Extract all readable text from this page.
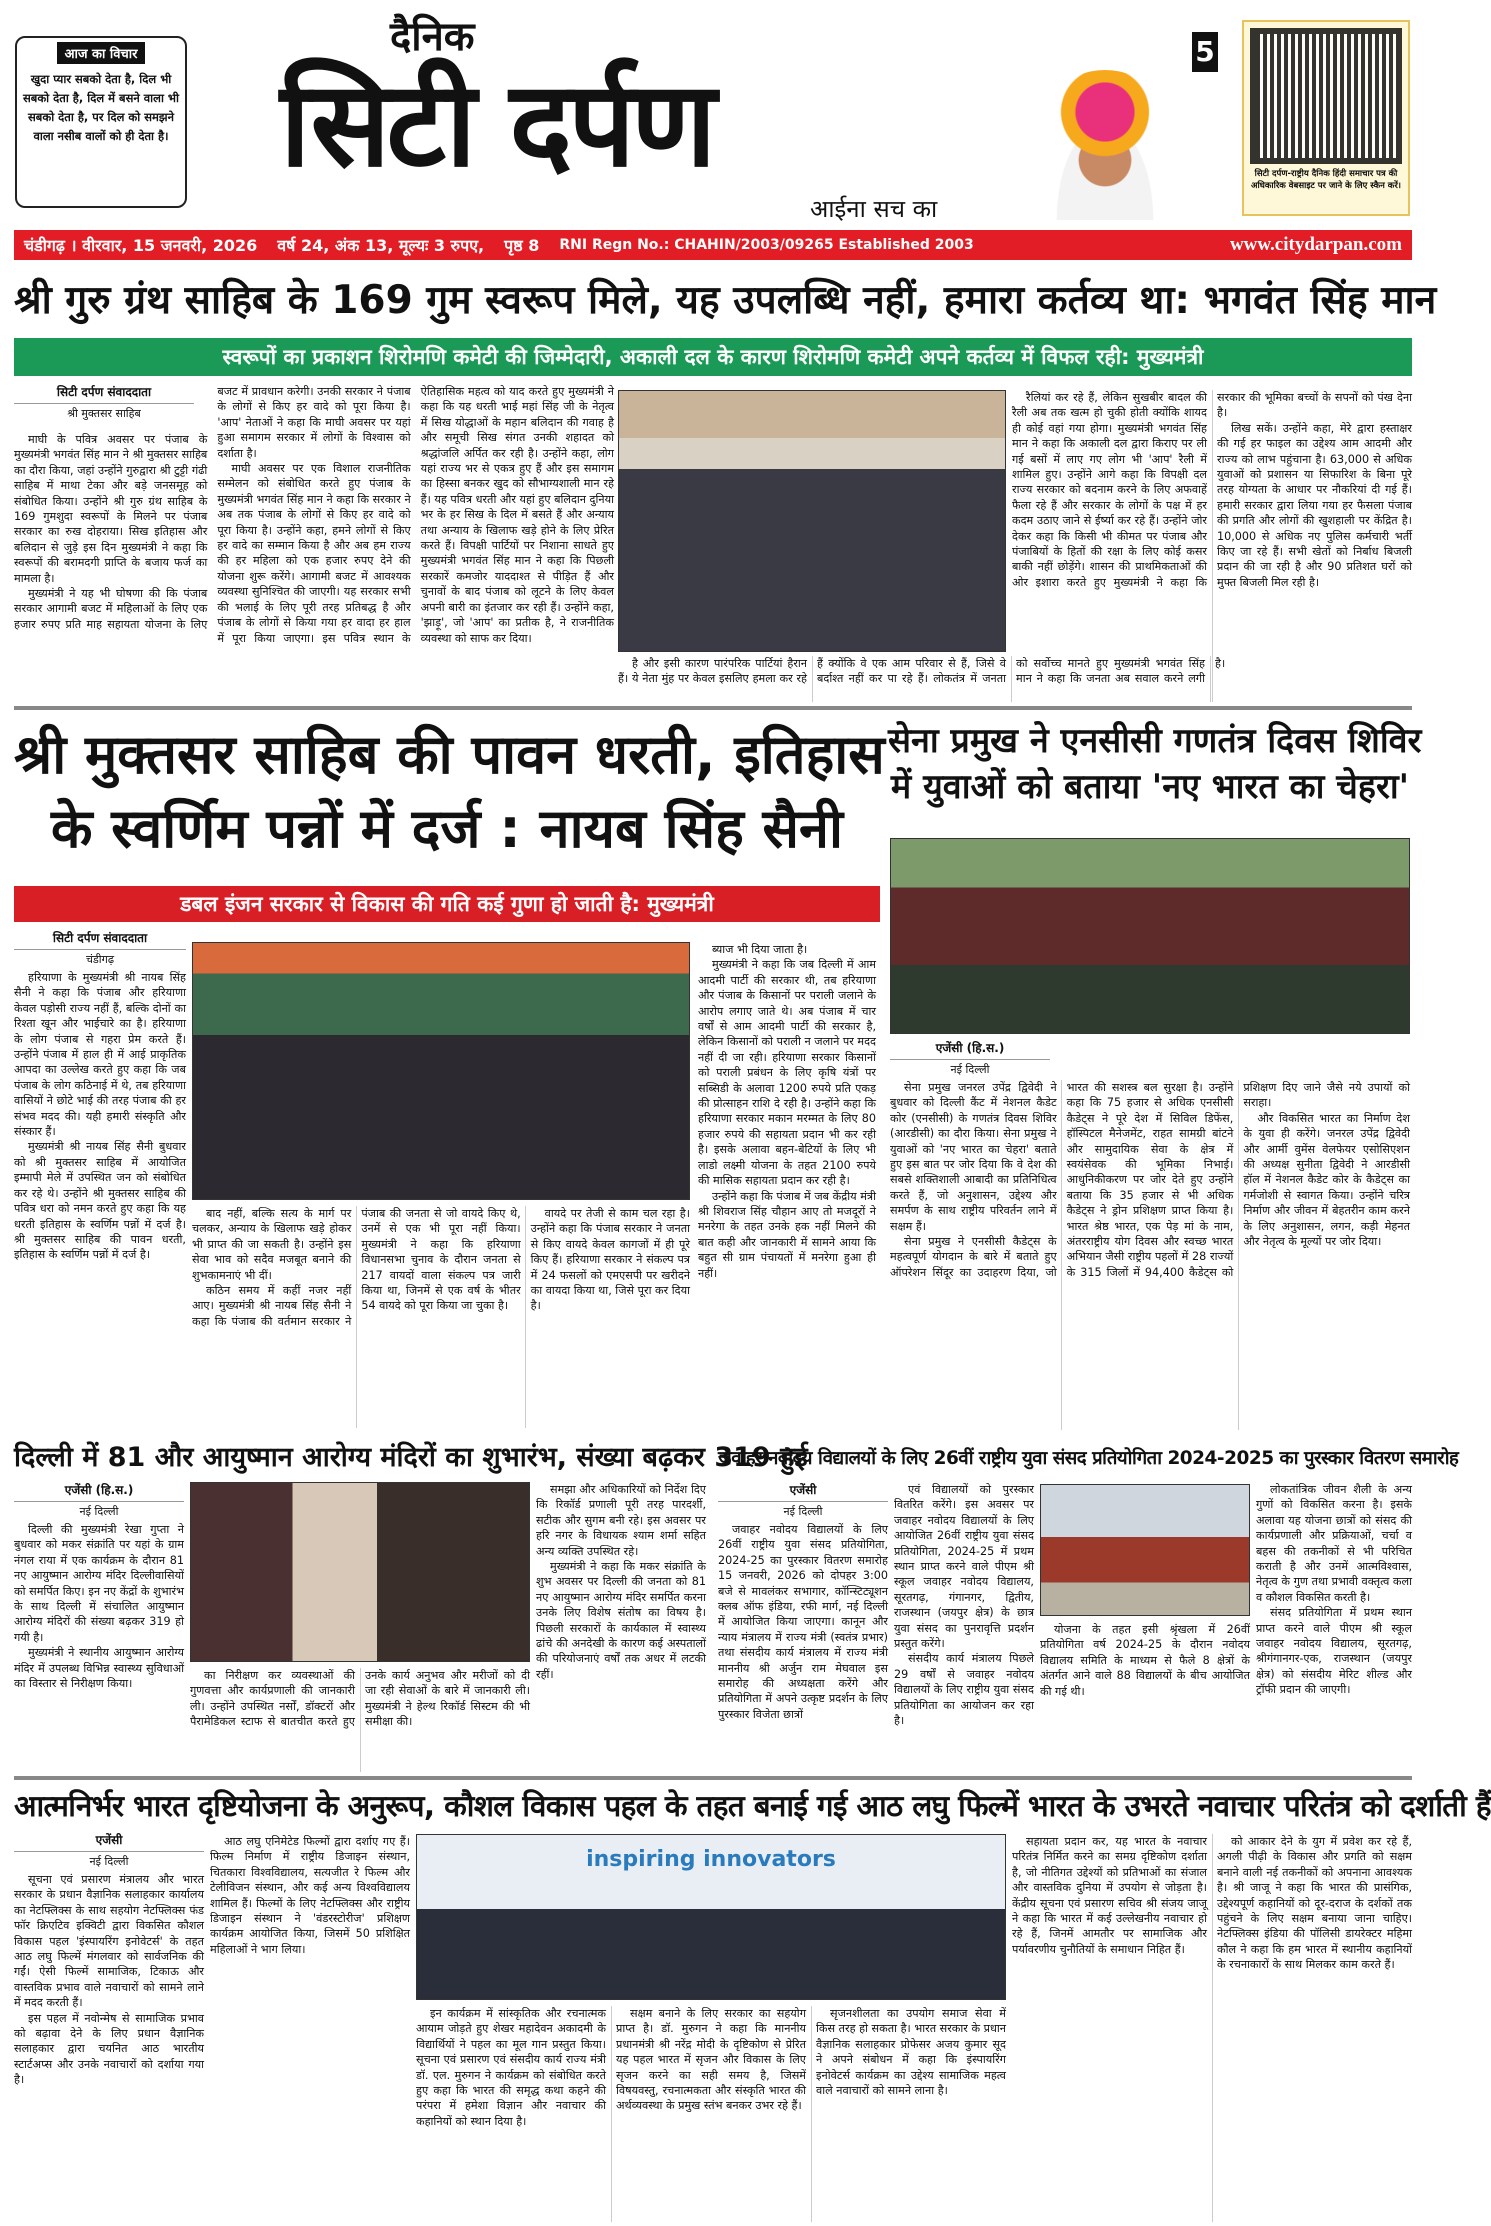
आज का विचार
खुदा प्यार सबको देता है, दिल भी सबको देता है, दिल में बसने वाला भी सबको देता है, पर दिल को समझने वाला नसीब वालों को ही देता है।
दैनिक
सिटी दर्पण
आईना सच का
5
सिटी दर्पण-राष्ट्रीय दैनिक हिंदी समाचार पत्र की अधिकारिक वेबसाइट पर जाने के लिए स्कैन करें।
चंडीगढ़ । वीरवार, 15 जनवरी, 2026 वर्ष 24, अंक 13, मूल्यः 3 रुपए, पृष्ठ 8 RNI Regn No.: CHAHIN/2003/09265 Established 2003	www.citydarpan.com
श्री गुरु ग्रंथ साहिब के 169 गुम स्वरूप मिले, यह उपलब्धि नहीं, हमारा कर्तव्य था: भगवंत सिंह मान
स्वरूपों का प्रकाशन शिरोमणि कमेटी की जिम्मेदारी, अकाली दल के कारण शिरोमणि कमेटी अपने कर्तव्य में विफल रही: मुख्यमंत्री
सिटी दर्पण संवाददाता
श्री मुक्तसर साहिब

माघी के पवित्र अवसर पर पंजाब के मुख्यमंत्री भगवंत सिंह मान ने श्री मुक्तसर साहिब का दौरा किया, जहां उन्होंने गुरुद्वारा श्री टुट्टी गंढी साहिब में माथा टेका और बड़े जनसमूह को संबोधित किया। उन्होंने श्री गुरु ग्रंथ साहिब के 169 गुमशुदा स्वरूपों के मिलने पर पंजाब सरकार का रुख दोहराया। सिख इतिहास और बलिदान से जुड़े इस दिन मुख्यमंत्री ने कहा कि स्वरूपों की बरामदगी प्राप्ति के बजाय फर्ज का मामला है।

मुख्यमंत्री ने यह भी घोषणा की कि पंजाब सरकार आगामी बजट में महिलाओं के लिए एक हजार रुपए प्रति माह सहायता योजना के लिए बजट में प्रावधान करेगी। उनकी सरकार ने पंजाब के लोगों से किए हर वादे को पूरा किया है। 'आप' नेताओं ने कहा कि माघी अवसर पर यहां हुआ समागम सरकार में लोगों के विश्वास को दर्शाता है।

माघी अवसर पर एक विशाल राजनीतिक सम्मेलन को संबोधित करते हुए पंजाब के मुख्यमंत्री भगवंत सिंह मान ने कहा कि सरकार ने अब तक पंजाब के लोगों से किए हर वादे को पूरा किया है। उन्होंने कहा, हमने लोगों से किए हर वादे का सम्मान किया है और अब हम राज्य की हर महिला को एक हजार रुपए देने की योजना शुरू करेंगे। आगामी बजट में आवश्यक व्यवस्था सुनिश्चित की जाएगी। यह सरकार सभी की भलाई के लिए पूरी तरह प्रतिबद्ध है और पंजाब के लोगों से किया गया हर वादा हर हाल में पूरा किया जाएगा। इस पवित्र स्थान के ऐतिहासिक महत्व को याद करते हुए मुख्यमंत्री ने कहा कि यह धरती भाई महां सिंह जी के नेतृत्व में सिख योद्धाओं के महान बलिदान की गवाह है और समूची सिख संगत उनकी शहादत को श्रद्धांजलि अर्पित कर रही है। उन्होंने कहा, लोग यहां राज्य भर से एकत्र हुए हैं और इस समागम का हिस्सा बनकर खुद को सौभाग्यशाली मान रहे हैं। यह पवित्र धरती और यहां हुए बलिदान दुनिया भर के हर सिख के दिल में बसते हैं और अन्याय तथा अन्याय के खिलाफ खड़े होने के लिए प्रेरित करते हैं। विपक्षी पार्टियों पर निशाना साधते हुए मुख्यमंत्री भगवंत सिंह मान ने कहा कि पिछली सरकारें कमजोर याददाश्त से पीड़ित हैं और चुनावों के बाद पंजाब को लूटने के लिए केवल अपनी बारी का इंतजार कर रही हैं। उन्होंने कहा, 'झाड़ू', जो 'आप' का प्रतीक है, ने राजनीतिक व्यवस्था को साफ कर दिया।

है और इसी कारण पारंपरिक पार्टियां हैरान हैं। ये नेता मुंह पर केवल इसलिए हमला कर रहे हैं क्योंकि वे एक आम परिवार से हैं, जिसे वे बर्दाश्त नहीं कर पा रहे हैं। लोकतंत्र में जनता को सर्वोच्च मानते हुए मुख्यमंत्री भगवंत सिंह मान ने कहा कि जनता अब सवाल करने लगी है।

रैलियां कर रहे हैं, लेकिन सुखबीर बादल की रैली अब तक खत्म हो चुकी होती क्योंकि शायद ही कोई वहां गया होगा। मुख्यमंत्री भगवंत सिंह मान ने कहा कि अकाली दल द्वारा किराए पर ली गई बसों में लाए गए लोग भी 'आप' रैली में शामिल हुए। उन्होंने आगे कहा कि विपक्षी दल राज्य सरकार को बदनाम करने के लिए अफवाहें फैला रहे हैं और सरकार के लोगों के पक्ष में हर कदम उठाए जाने से ईर्ष्या कर रहे हैं। उन्होंने जोर देकर कहा कि किसी भी कीमत पर पंजाब और पंजाबियों के हितों की रक्षा के लिए कोई कसर बाकी नहीं छोड़ेंगे। शासन की प्राथमिकताओं की ओर इशारा करते हुए मुख्यमंत्री ने कहा कि सरकार की भूमिका बच्चों के सपनों को पंख देना है।

लिख सकें। उन्होंने कहा, मेरे द्वारा हस्ताक्षर की गई हर फाइल का उद्देश्य आम आदमी और राज्य को लाभ पहुंचाना है। 63,000 से अधिक युवाओं को प्रशासन या सिफारिश के बिना पूरे तरह योग्यता के आधार पर नौकरियां दी गई हैं। हमारी सरकार द्वारा लिया गया हर फैसला पंजाब की प्रगति और लोगों की खुशहाली पर केंद्रित है। 10,000 से अधिक नए पुलिस कर्मचारी भर्ती किए जा रहे हैं। सभी खेतों को निर्बाध बिजली प्रदान की जा रही है और 90 प्रतिशत घरों को मुफ्त बिजली मिल रही है।

श्री मुक्तसर साहिब की पावन धरती, इतिहास
के स्वर्णिम पन्नों में दर्ज : नायब सिंह सैनी
डबल इंजन सरकार से विकास की गति कई गुणा हो जाती है: मुख्यमंत्री
सिटी दर्पण संवाददाता
चंडीगढ़

हरियाणा के मुख्यमंत्री श्री नायब सिंह सैनी ने कहा कि पंजाब और हरियाणा केवल पड़ोसी राज्य नहीं हैं, बल्कि दोनों का रिश्ता खून और भाईचारे का है। हरियाणा के लोग पंजाब से गहरा प्रेम करते हैं। उन्होंने पंजाब में हाल ही में आई प्राकृतिक आपदा का उल्लेख करते हुए कहा कि जब पंजाब के लोग कठिनाई में थे, तब हरियाणा वासियों ने छोटे भाई की तरह पंजाब की हर संभव मदद की। यही हमारी संस्कृति और संस्कार हैं।

मुख्यमंत्री श्री नायब सिंह सैनी बुधवार को श्री मुक्तसर साहिब में आयोजित इम्मापी मेले में उपस्थित जन को संबोधित कर रहे थे। उन्होंने श्री मुक्तसर साहिब की पवित्र धरा को नमन करते हुए कहा कि यह धरती इतिहास के स्वर्णिम पन्नों में दर्ज है। श्री मुक्तसर साहिब की पावन धरती, इतिहास के स्वर्णिम पन्नों में दर्ज है।

बाद नहीं, बल्कि सत्य के मार्ग पर चलकर, अन्याय के खिलाफ खड़े होकर भी प्राप्त की जा सकती है। उन्होंने इस सेवा भाव को सदैव मजबूत बनाने की शुभकामनाएं भी दीं।

कठिन समय में कहीं नजर नहीं आए। मुख्यमंत्री श्री नायब सिंह सैनी ने कहा कि पंजाब की वर्तमान सरकार ने पंजाब की जनता से जो वायदे किए थे, उनमें से एक भी पूरा नहीं किया। मुख्यमंत्री ने कहा कि हरियाणा विधानसभा चुनाव के दौरान जनता से 217 वायदों वाला संकल्प पत्र जारी किया था, जिनमें से एक वर्ष के भीतर 54 वायदे को पूरा किया जा चुका है।

वायदे पर तेजी से काम चल रहा है। उन्होंने कहा कि पंजाब सरकार ने जनता से किए वायदे केवल कागजों में ही पूरे किए हैं। हरियाणा सरकार ने संकल्प पत्र में 24 फसलों को एमएसपी पर खरीदने का वायदा किया था, जिसे पूरा कर दिया है।

ब्याज भी दिया जाता है।

मुख्यमंत्री ने कहा कि जब दिल्ली में आम आदमी पार्टी की सरकार थी, तब हरियाणा और पंजाब के किसानों पर पराली जलाने के आरोप लगाए जाते थे। अब पंजाब में चार वर्षों से आम आदमी पार्टी की सरकार है, लेकिन किसानों को पराली न जलाने पर मदद नहीं दी जा रही। हरियाणा सरकार किसानों को पराली प्रबंधन के लिए कृषि यंत्रों पर सब्सिडी के अलावा 1200 रुपये प्रति एकड़ की प्रोत्साहन राशि दे रही है। उन्होंने कहा कि हरियाणा सरकार मकान मरम्मत के लिए 80 हजार रुपये की सहायता प्रदान भी कर रही है। इसके अलावा बहन-बेटियों के लिए भी लाडो लक्ष्मी योजना के तहत 2100 रुपये की मासिक सहायता प्रदान कर रही है।

उन्होंने कहा कि पंजाब में जब केंद्रीय मंत्री श्री शिवराज सिंह चौहान आए तो मजदूरों ने मनरेगा के तहत उनके हक नहीं मिलने की बात कही और जानकारी में सामने आया कि बहुत सी ग्राम पंचायतों में मनरेगा हुआ ही नहीं।

सेना प्रमुख ने एनसीसी गणतंत्र दिवस शिविर
में युवाओं को बताया 'नए भारत का चेहरा'
एजेंसी (हि.स.)
नई दिल्ली

सेना प्रमुख जनरल उपेंद्र द्विवेदी ने बुधवार को दिल्ली कैंट में नेशनल कैडेट कोर (एनसीसी) के गणतंत्र दिवस शिविर (आरडीसी) का दौरा किया। सेना प्रमुख ने युवाओं को 'नए भारत का चेहरा' बताते हुए इस बात पर जोर दिया कि वे देश की सबसे शक्तिशाली आबादी का प्रतिनिधित्व करते हैं, जो अनुशासन, उद्देश्य और समर्पण के साथ राष्ट्रीय परिवर्तन लाने में सक्षम हैं।

सेना प्रमुख ने एनसीसी कैडेट्स के महत्वपूर्ण योगदान के बारे में बताते हुए ऑपरेशन सिंदूर का उदाहरण दिया, जो भारत की सशस्त्र बल सुरक्षा है। उन्होंने कहा कि 75 हजार से अधिक एनसीसी कैडेट्स ने पूरे देश में सिविल डिफेंस, हॉस्पिटल मैनेजमेंट, राहत सामग्री बांटने और सामुदायिक सेवा के क्षेत्र में स्वयंसेवक की भूमिका निभाई। आधुनिकीकरण पर जोर देते हुए उन्होंने बताया कि 35 हजार से भी अधिक कैडेट्स ने ड्रोन प्रशिक्षण प्राप्त किया है। भारत श्रेष्ठ भारत, एक पेड़ मां के नाम, अंतरराष्ट्रीय योग दिवस और स्वच्छ भारत अभियान जैसी राष्ट्रीय पहलों में 28 राज्यों के 315 जिलों में 94,400 कैडेट्स को प्रशिक्षण दिए जाने जैसे नये उपायों को सराहा।

और विकसित भारत का निर्माण देश के युवा ही करेंगे। जनरल उपेंद्र द्विवेदी और आर्मी वुमेंस वेलफेयर एसोसिएशन की अध्यक्ष सुनीता द्विवेदी ने आरडीसी हॉल में नेशनल कैडेट कोर के कैडेट्स का गर्मजोशी से स्वागत किया। उन्होंने चरित्र निर्माण और जीवन में बेहतरीन काम करने के लिए अनुशासन, लगन, कड़ी मेहनत और नेतृत्व के मूल्यों पर जोर दिया।

दिल्ली में 81 और आयुष्मान आरोग्य मंदिरों का शुभारंभ, संख्या बढ़कर 319 हुई
एजेंसी (हि.स.)
नई दिल्ली

दिल्ली की मुख्यमंत्री रेखा गुप्ता ने बुधवार को मकर संक्रांति पर यहां के ग्राम नंगल राया में एक कार्यक्रम के दौरान 81 नए आयुष्मान आरोग्य मंदिर दिल्लीवासियों को समर्पित किए। इन नए केंद्रों के शुभारंभ के साथ दिल्ली में संचालित आयुष्मान आरोग्य मंदिरों की संख्या बढ़कर 319 हो गयी है।

मुख्यमंत्री ने स्थानीय आयुष्मान आरोग्य मंदिर में उपलब्ध विभिन्न स्वास्थ्य सुविधाओं का विस्तार से निरीक्षण किया।

का निरीक्षण कर व्यवस्थाओं की गुणवत्ता और कार्यप्रणाली की जानकारी ली। उन्होंने उपस्थित नर्सों, डॉक्टरों और पैरामेडिकल स्टाफ से बातचीत करते हुए उनके कार्य अनुभव और मरीजों को दी जा रही सेवाओं के बारे में जानकारी ली। मुख्यमंत्री ने हेल्थ रिकॉर्ड सिस्टम की भी समीक्षा की।

समझा और अधिकारियों को निर्देश दिए कि रिकॉर्ड प्रणाली पूरी तरह पारदर्शी, सटीक और सुगम बनी रहे। इस अवसर पर हरि नगर के विधायक श्याम शर्मा सहित अन्य व्यक्ति उपस्थित रहे।

मुख्यमंत्री ने कहा कि मकर संक्रांति के शुभ अवसर पर दिल्ली की जनता को 81 नए आयुष्मान आरोग्य मंदिर समर्पित करना उनके लिए विशेष संतोष का विषय है। पिछली सरकारों के कार्यकाल में स्वास्थ्य ढांचे की अनदेखी के कारण कई अस्पतालों की परियोजनाएं वर्षों तक अधर में लटकी रहीं।

जवाहर नवोदय विद्यालयों के लिए 26वीं राष्ट्रीय युवा संसद प्रतियोगिता 2024-2025 का पुरस्कार वितरण समारोह
एजेंसी
नई दिल्ली

जवाहर नवोदय विद्यालयों के लिए 26वीं राष्ट्रीय युवा संसद प्रतियोगिता, 2024-25 का पुरस्कार वितरण समारोह 15 जनवरी, 2026 को दोपहर 3:00 बजे से मावलंकर सभागार, कॉन्स्टिट्यूशन क्लब ऑफ इंडिया, रफी मार्ग, नई दिल्ली में आयोजित किया जाएगा। कानून और न्याय मंत्रालय में राज्य मंत्री (स्वतंत्र प्रभार) तथा संसदीय कार्य मंत्रालय में राज्य मंत्री माननीय श्री अर्जुन राम मेघवाल इस समारोह की अध्यक्षता करेंगे और प्रतियोगिता में अपने उत्कृष्ट प्रदर्शन के लिए पुरस्कार विजेता छात्रों

एवं विद्यालयों को पुरस्कार वितरित करेंगे। इस अवसर पर जवाहर नवोदय विद्यालयों के लिए आयोजित 26वीं राष्ट्रीय युवा संसद प्रतियोगिता, 2024-25 में प्रथम स्थान प्राप्त करने वाले पीएम श्री स्कूल जवाहर नवोदय विद्यालय, सूरतगढ़, गंगानगर, द्वितीय, राजस्थान (जयपुर क्षेत्र) के छात्र युवा संसद का पुनरावृत्ति प्रदर्शन प्रस्तुत करेंगे।

संसदीय कार्य मंत्रालय पिछले 29 वर्षों से जवाहर नवोदय विद्यालयों के लिए राष्ट्रीय युवा संसद प्रतियोगिता का आयोजन कर रहा है।

योजना के तहत इसी श्रृंखला में 26वीं प्रतियोगिता वर्ष 2024-25 के दौरान नवोदय विद्यालय समिति के माध्यम से फैले 8 क्षेत्रों के अंतर्गत आने वाले 88 विद्यालयों के बीच आयोजित की गई थी।

लोकतांत्रिक जीवन शैली के अन्य गुणों को विकसित करना है। इसके अलावा यह योजना छात्रों को संसद की कार्यप्रणाली और प्रक्रियाओं, चर्चा व बहस की तकनीकों से भी परिचित कराती है और उनमें आत्मविश्वास, नेतृत्व के गुण तथा प्रभावी वक्तृत्व कला व कौशल विकसित करती है।

संसद प्रतियोगिता में प्रथम स्थान प्राप्त करने वाले पीएम श्री स्कूल जवाहर नवोदय विद्यालय, सूरतगढ़, श्रीगंगानगर-एक, राजस्थान (जयपुर क्षेत्र) को संसदीय मेरिट शील्ड और ट्रॉफी प्रदान की जाएगी।

आत्मनिर्भर भारत दृष्टियोजना के अनुरूप, कौशल विकास पहल के तहत बनाई गई आठ लघु फिल्में भारत के उभरते नवाचार परितंत्र को दर्शाती हैं
एजेंसी
नई दिल्ली

सूचना एवं प्रसारण मंत्रालय और भारत सरकार के प्रधान वैज्ञानिक सलाहकार कार्यालय का नेटफ्लिक्स के साथ सहयोग नेटफ्लिक्स फंड फॉर क्रिएटिव इक्विटी द्वारा विकसित कौशल विकास पहल 'इंस्पायरिंग इनोवेटर्स' के तहत आठ लघु फिल्में मंगलवार को सार्वजनिक की गईं। ऐसी फिल्में सामाजिक, टिकाऊ और वास्तविक प्रभाव वाले नवाचारों को सामने लाने में मदद करती हैं।

इस पहल में नवोन्मेष से सामाजिक प्रभाव को बढ़ावा देने के लिए प्रधान वैज्ञानिक सलाहकार द्वारा चयनित आठ भारतीय स्टार्टअप्स और उनके नवाचारों को दर्शाया गया है।

आठ लघु एनिमेटेड फिल्मों द्वारा दर्शाए गए हैं। फिल्म निर्माण में राष्ट्रीय डिजाइन संस्थान, चितकारा विश्वविद्यालय, सत्यजीत रे फिल्म और टेलीविजन संस्थान, और कई अन्य विश्वविद्यालय शामिल हैं। फिल्मों के लिए नेटफ्लिक्स और राष्ट्रीय डिजाइन संस्थान ने 'वंडरस्टोरीज' प्रशिक्षण कार्यक्रम आयोजित किया, जिसमें 50 प्रशिक्षित महिलाओं ने भाग लिया।

inspiring innovators

इन कार्यक्रम में सांस्कृतिक और रचनात्मक आयाम जोड़ते हुए शेखर महादेवन अकादमी के विद्यार्थियों ने पहल का मूल गान प्रस्तुत किया। सूचना एवं प्रसारण एवं संसदीय कार्य राज्य मंत्री डॉ. एल. मुरुगन ने कार्यक्रम को संबोधित करते हुए कहा कि भारत की समृद्ध कथा कहने की परंपरा में हमेशा विज्ञान और नवाचार की कहानियों को स्थान दिया है।

सक्षम बनाने के लिए सरकार का सहयोग प्राप्त है। डॉ. मुरुगन ने कहा कि माननीय प्रधानमंत्री श्री नरेंद्र मोदी के दृष्टिकोण से प्रेरित यह पहल भारत में सृजन और विकास के लिए सृजन करने का सही समय है, जिसमें विषयवस्तु, रचनात्मकता और संस्कृति भारत की अर्थव्यवस्था के प्रमुख स्तंभ बनकर उभर रहे हैं।

सृजनशीलता का उपयोग समाज सेवा में किस तरह हो सकता है। भारत सरकार के प्रधान वैज्ञानिक सलाहकार प्रोफेसर अजय कुमार सूद ने अपने संबोधन में कहा कि इंस्पायरिंग इनोवेटर्स कार्यक्रम का उद्देश्य सामाजिक महत्व वाले नवाचारों को सामने लाना है।

सहायता प्रदान कर, यह भारत के नवाचार परितंत्र निर्मित करने का समग्र दृष्टिकोण दर्शाता है, जो नीतिगत उद्देश्यों को प्रतिभाओं का संजाल और वास्तविक दुनिया में उपयोग से जोड़ता है। केंद्रीय सूचना एवं प्रसारण सचिव श्री संजय जाजू ने कहा कि भारत में कई उल्लेखनीय नवाचार हो रहे हैं, जिनमें आमतौर पर सामाजिक और पर्यावरणीय चुनौतियों के समाधान निहित हैं।

को आकार देने के युग में प्रवेश कर रहे हैं, अगली पीढ़ी के विकास और प्रगति को सक्षम बनाने वाली नई तकनीकों को अपनाना आवश्यक है। श्री जाजू ने कहा कि भारत की प्रासंगिक, उद्देश्यपूर्ण कहानियों को दूर-दराज के दर्शकों तक पहुंचने के लिए सक्षम बनाया जाना चाहिए। नेटफ्लिक्स इंडिया की पॉलिसी डायरेक्टर महिमा कौल ने कहा कि हम भारत में स्थानीय कहानियों के रचनाकारों के साथ मिलकर काम करते हैं।
